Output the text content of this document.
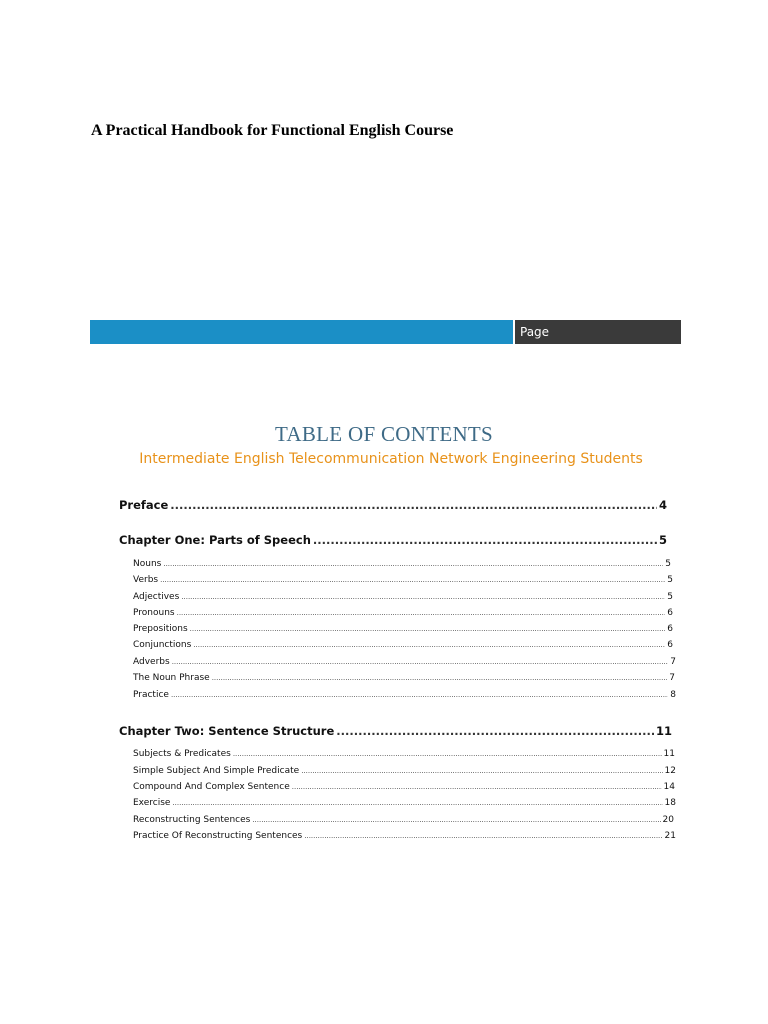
A Practical Handbook for Functional English Course
Page
TABLE OF CONTENTS
Intermediate English Telecommunication Network Engineering Students
Preface .....	4
Chapter One: Parts of Speech .....	5
Nouns .....	5
Verbs .....	5
Adjectives .....	5
Pronouns .....	6
Prepositions .....	6
Conjunctions .....	6
Adverbs .....	7
The Noun Phrase .....	7
Practice .....	8
Chapter Two: Sentence Structure .....	11
Subjects & Predicates .....	11
Simple Subject And Simple Predicate .....	12
Compound And Complex Sentence .....	14
Exercise .....	18
Reconstructing Sentences .....	20
Practice Of Reconstructing Sentences .....	21
